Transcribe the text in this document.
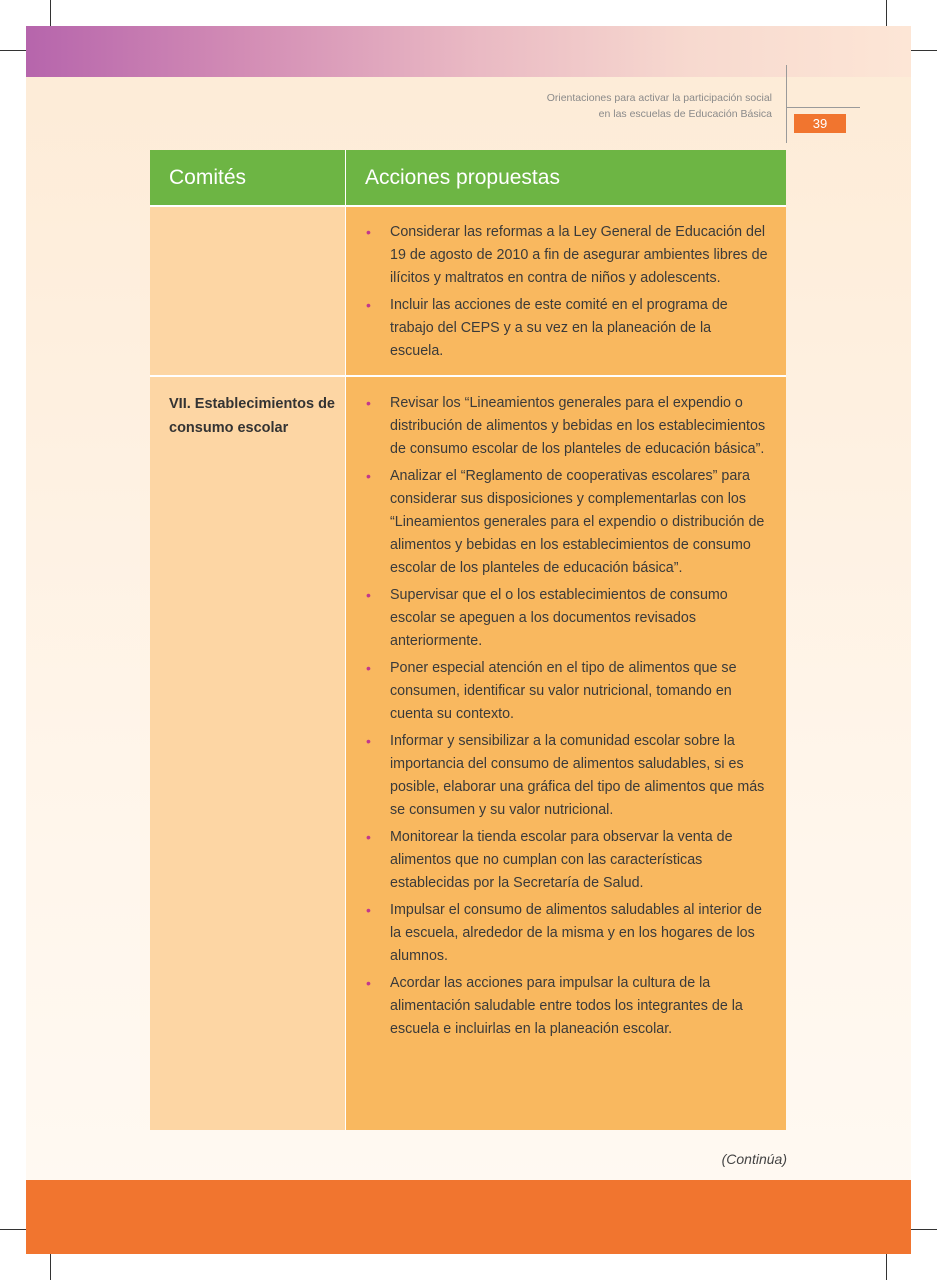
Orientaciones para activar la participación social
en las escuelas de Educación Básica
39
Comités	Acciones propuestas
• Considerar las reformas a la Ley General de Educación del 19 de agosto de 2010 a fin de asegurar ambientes libres de ilícitos y maltratos en contra de niños y adolescents.
• Incluir las acciones de este comité en el programa de trabajo del CEPS y a su vez en la planeación de la escuela.
VII. Establecimientos de consumo escolar
• Revisar los “Lineamientos generales para el expendio o distribución de alimentos y bebidas en los establecimientos de consumo escolar de los planteles de educación básica”.
• Analizar el “Reglamento de cooperativas escolares” para considerar sus disposiciones y complementarlas con los “Lineamientos generales para el expendio o distribución de alimentos y bebidas en los establecimientos de consumo escolar de los planteles de educación básica”.
• Supervisar que el o los establecimientos de consumo escolar se apeguen a los documentos revisados anteriormente.
• Poner especial atención en el tipo de alimentos que se consumen, identificar su valor nutricional, tomando en cuenta su contexto.
• Informar y sensibilizar a la comunidad escolar sobre la importancia del consumo de alimentos saludables, si es posible, elaborar una gráfica del tipo de alimentos que más se consumen y su valor nutricional.
• Monitorear la tienda escolar para observar la venta de alimentos que no cumplan con las características establecidas por la Secretaría de Salud.
• Impulsar el consumo de alimentos saludables al interior de la escuela, alrededor de la misma y en los hogares de los alumnos.
• Acordar las acciones para impulsar la cultura de la alimentación saludable entre todos los integrantes de la escuela e incluirlas en la planeación escolar.
(Continúa)
